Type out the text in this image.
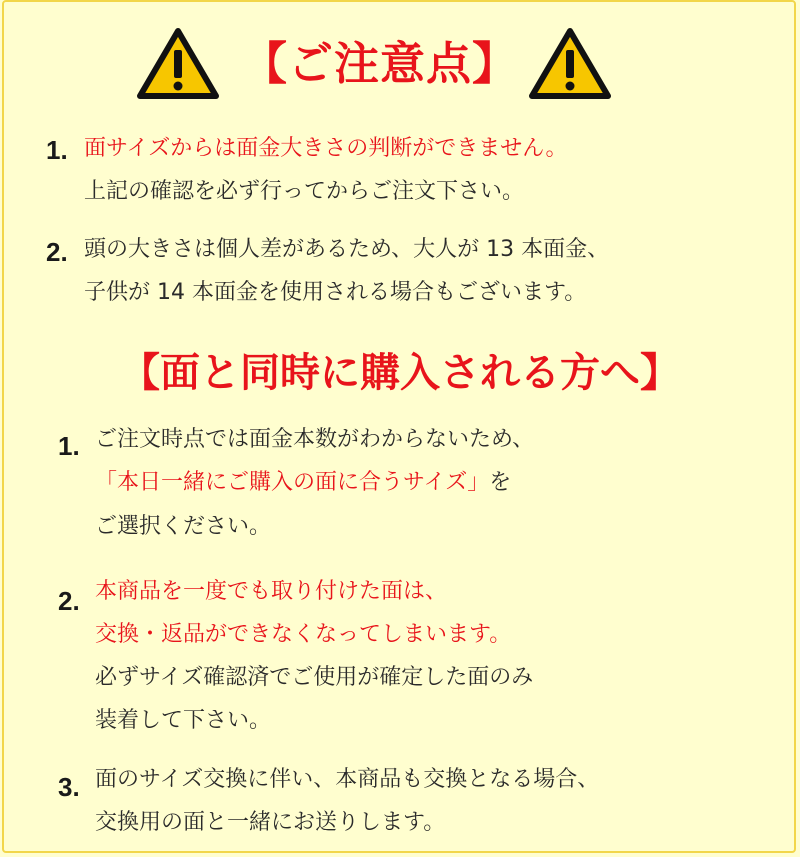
【ご注意点】
1. 面サイズからは面金大きさの判断ができません。
上記の確認を必ず行ってからご注文下さい。
2. 頭の大きさは個人差があるため、大人が 13 本面金、
子供が 14 本面金を使用される場合もございます。
【面と同時に購入される方へ】
1. ご注文時点では面金本数がわからないため、
「本日一緒にご購入の面に合うサイズ」を
ご選択ください。
2. 本商品を一度でも取り付けた面は、
交換・返品ができなくなってしまいます。
必ずサイズ確認済でご使用が確定した面のみ
装着して下さい。
3. 面のサイズ交換に伴い、本商品も交換となる場合、
交換用の面と一緒にお送りします。
